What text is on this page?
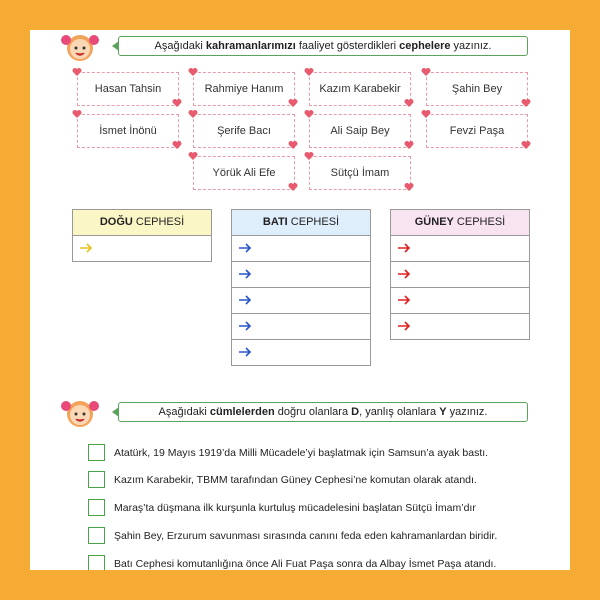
Aşağıdaki kahramanlarımızı faaliyet gösterdikleri cephelere yazınız.
Hasan Tahsin	Rahmiye Hanım	Kazım Karabekir	Şahin Bey
İsmet İnönü	Şerife Bacı	Ali Saip Bey	Fevzi Paşa
Yörük Ali Efe	Sütçü İmam
DOĞU CEPHESİ	BATI CEPHESİ	GÜNEY CEPHESİ
Aşağıdaki cümlelerden doğru olanlara D, yanlış olanlara Y yazınız.
Atatürk, 19 Mayıs 1919’da Milli Mücadele’yi başlatmak için Samsun’a ayak bastı.
Kazım Karabekir, TBMM tarafından Güney Cephesi’ne komutan olarak atandı.
Maraş’ta düşmana ilk kurşunla kurtuluş mücadelesini başlatan Sütçü İmam’dır
Şahin Bey, Erzurum savunması sırasında canını feda eden kahramanlardan biridir.
Batı Cephesi komutanlığına önce Ali Fuat Paşa sonra da Albay İsmet Paşa atandı.
